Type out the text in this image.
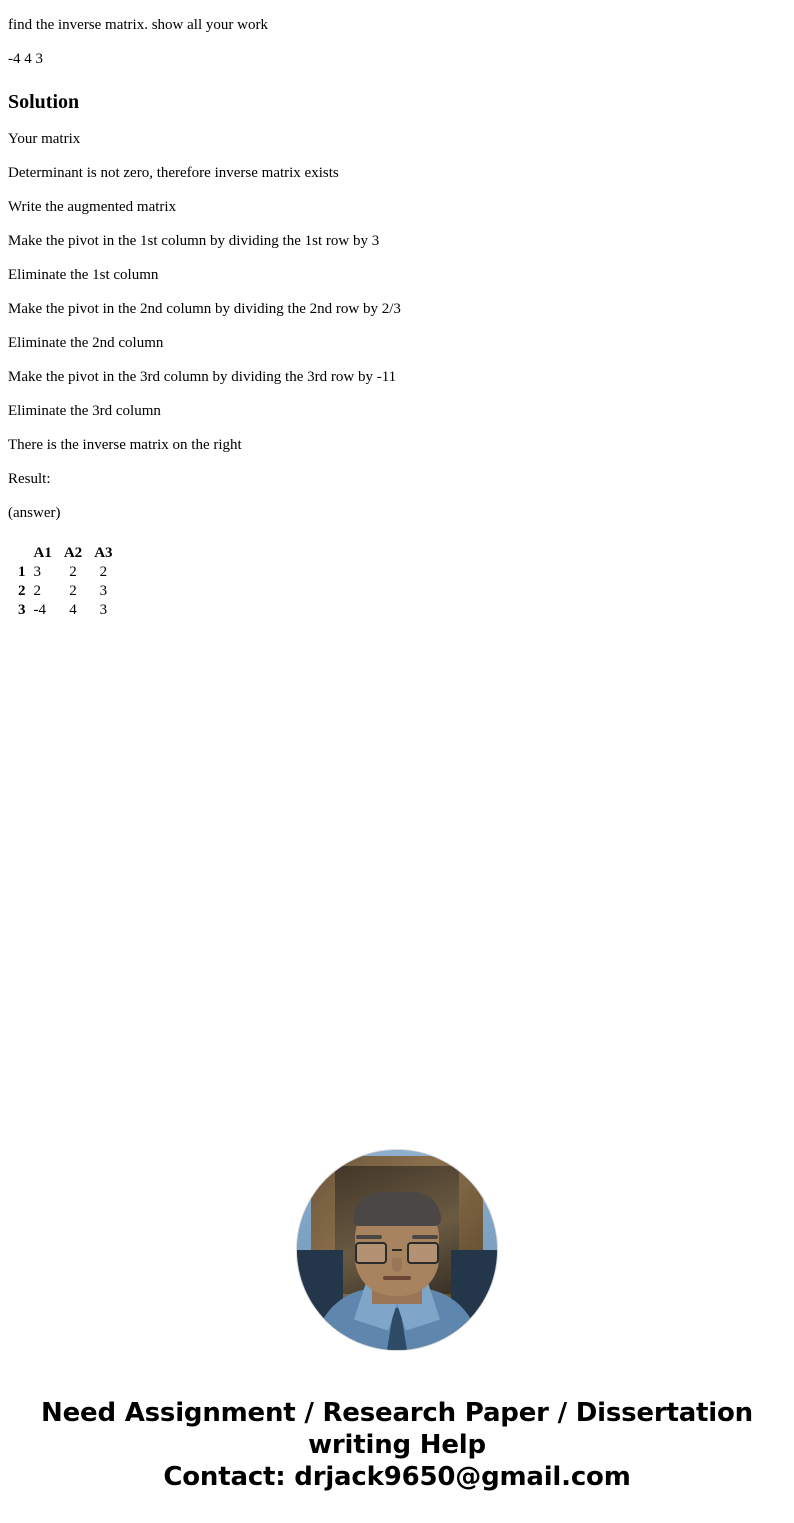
find the inverse matrix. show all your work

-4 4 3

Solution

Your matrix

Determinant is not zero, therefore inverse matrix exists

Write the augmented matrix

Make the pivot in the 1st column by dividing the 1st row by 3

Eliminate the 1st column

Make the pivot in the 2nd column by dividing the 2nd row by 2/3

Eliminate the 2nd column

Make the pivot in the 3rd column by dividing the 3rd row by -11

Eliminate the 3rd column

There is the inverse matrix on the right

Result:

(answer)

	A1	A2	A3
1	3	2	2
2	2	2	3
3	-4	4	3
Need Assignment / Research Paper / Dissertation
writing Help
Contact: drjack9650@gmail.com
